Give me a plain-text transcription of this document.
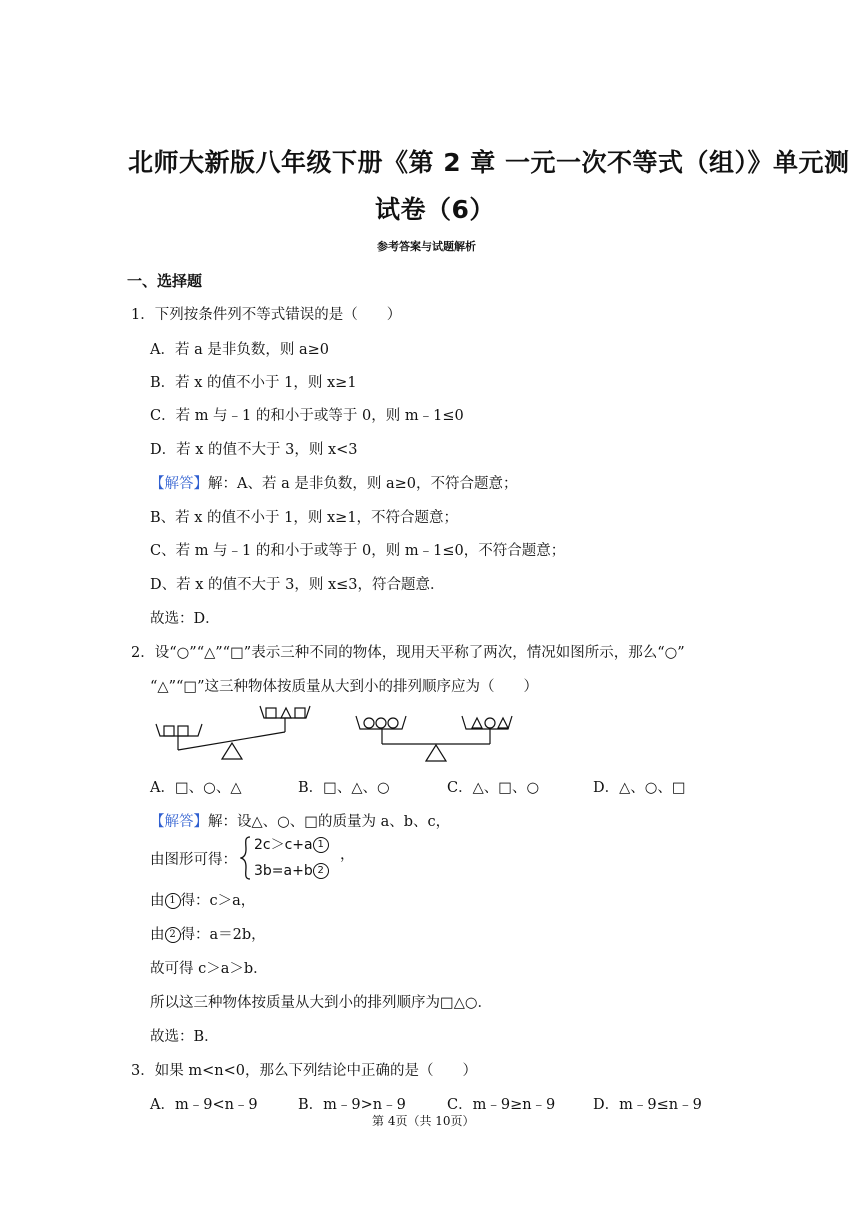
北师大新版八年级下册《第 2 章 一元一次不等式（组）》单元测
试卷（6）
参考答案与试题解析
一、选择题
1．下列按条件列不等式错误的是（　　）
A．若 a 是非负数，则 a≥0
B．若 x 的值不小于 1，则 x≥1
C．若 m 与﹣1 的和小于或等于 0，则 m﹣1≤0
D．若 x 的值不大于 3，则 x<3
【解答】解：A、若 a 是非负数，则 a≥0，不符合题意；
B、若 x 的值不小于 1，则 x≥1，不符合题意；
C、若 m 与﹣1 的和小于或等于 0，则 m﹣1≤0，不符合题意；
D、若 x 的值不大于 3，则 x≤3，符合题意．
故选：D．
2．设“○”“△”“□”表示三种不同的物体，现用天平称了两次，情况如图所示，那么“○”
“△”“□”这三种物体按质量从大到小的排列顺序应为（　　）
A．□、○、△	B．□、△、○	C．△、□、○	D．△、○、□
【解答】解：设△、○、□的质量为 a、b、c，
由图形可得：
2c＞c+a 1
3b=a+b 2
，
由 1 得：c＞a，
由 2 得：a＝2b，
故可得 c＞a＞b．
所以这三种物体按质量从大到小的排列顺序为□△○．
故选：B．
3．如果 m<n<0，那么下列结论中正确的是（　　）
A．m﹣9<n﹣9	B．m﹣9>n﹣9	C．m﹣9≥n﹣9	D．m﹣9≤n﹣9
第 4页（共 10页）
